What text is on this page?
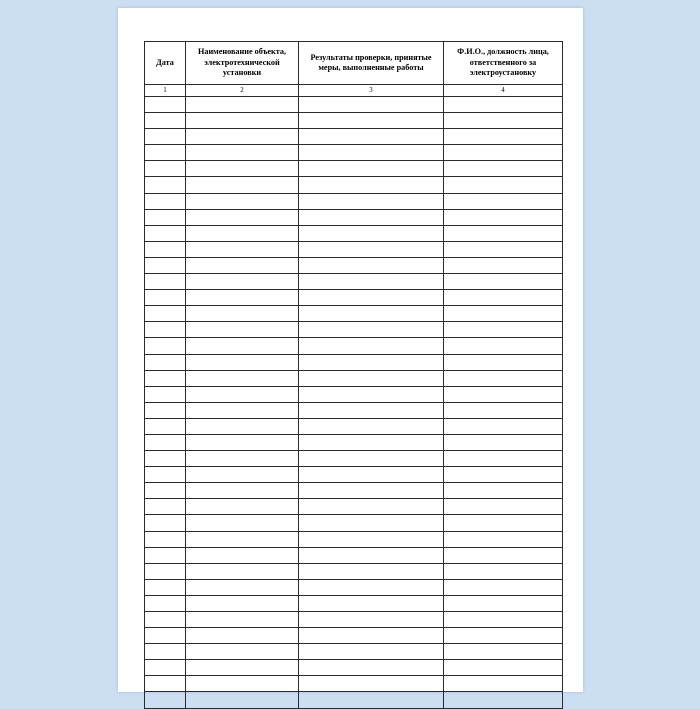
Дата	Наименование объекта, электротехнической установки	Результаты проверки, принятые меры, выполненные работы	Ф.И.О., должность лица, ответственного за электроустановку
1	2	3	4
